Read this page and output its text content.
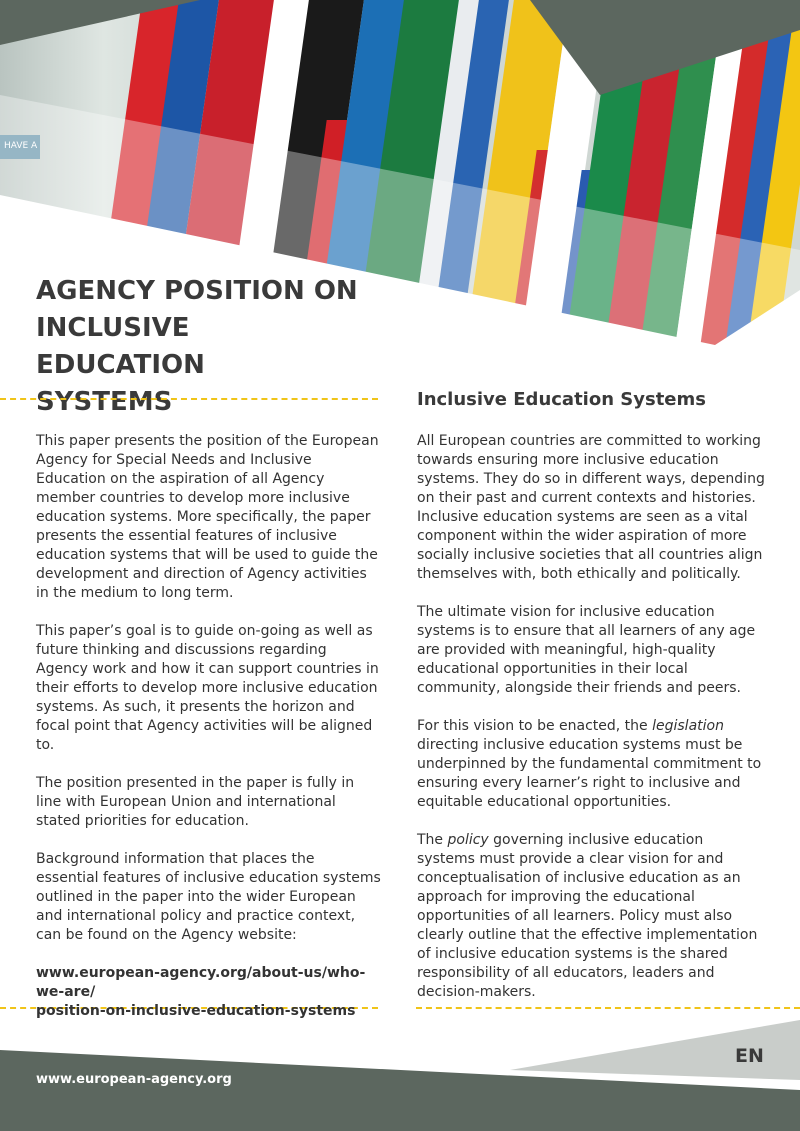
HAVE A
AGENCY POSITION ON
INCLUSIVE EDUCATION
SYSTEMS

This paper presents the position of the European Agency for Special Needs and Inclusive Education on the aspiration of all Agency member countries to develop more inclusive education systems. More specifically, the paper presents the essential features of inclusive education systems that will be used to guide the development and direction of Agency activities in the medium to long term.

This paper’s goal is to guide on-going as well as future thinking and discussions regarding Agency work and how it can support countries in their efforts to develop more inclusive education systems. As such, it presents the horizon and focal point that Agency activities will be aligned to.

The position presented in the paper is fully in line with European Union and international stated priorities for education.

Background information that places the essential features of inclusive education systems outlined in the paper into the wider European and international policy and practice context, can be found on the Agency website:

www.european-agency.org/about-us/who-we-are/
position-on-inclusive-education-systems

Inclusive Education Systems

All European countries are committed to working towards ensuring more inclusive education systems. They do so in different ways, depending on their past and current contexts and histories. Inclusive education systems are seen as a vital component within the wider aspiration of more socially inclusive societies that all countries align themselves with, both ethically and politically.

The ultimate vision for inclusive education systems is to ensure that all learners of any age are provided with meaningful, high-quality educational opportunities in their local community, alongside their friends and peers.

For this vision to be enacted, the legislation directing inclusive education systems must be underpinned by the fundamental commitment to ensuring every learner’s right to inclusive and equitable educational opportunities.

The policy governing inclusive education systems must provide a clear vision for and conceptualisation of inclusive education as an approach for improving the educational opportunities of all learners. Policy must also clearly outline that the effective implementation of inclusive education systems is the shared responsibility of all educators, leaders and decision-makers.

www.european-agency.org
EN
